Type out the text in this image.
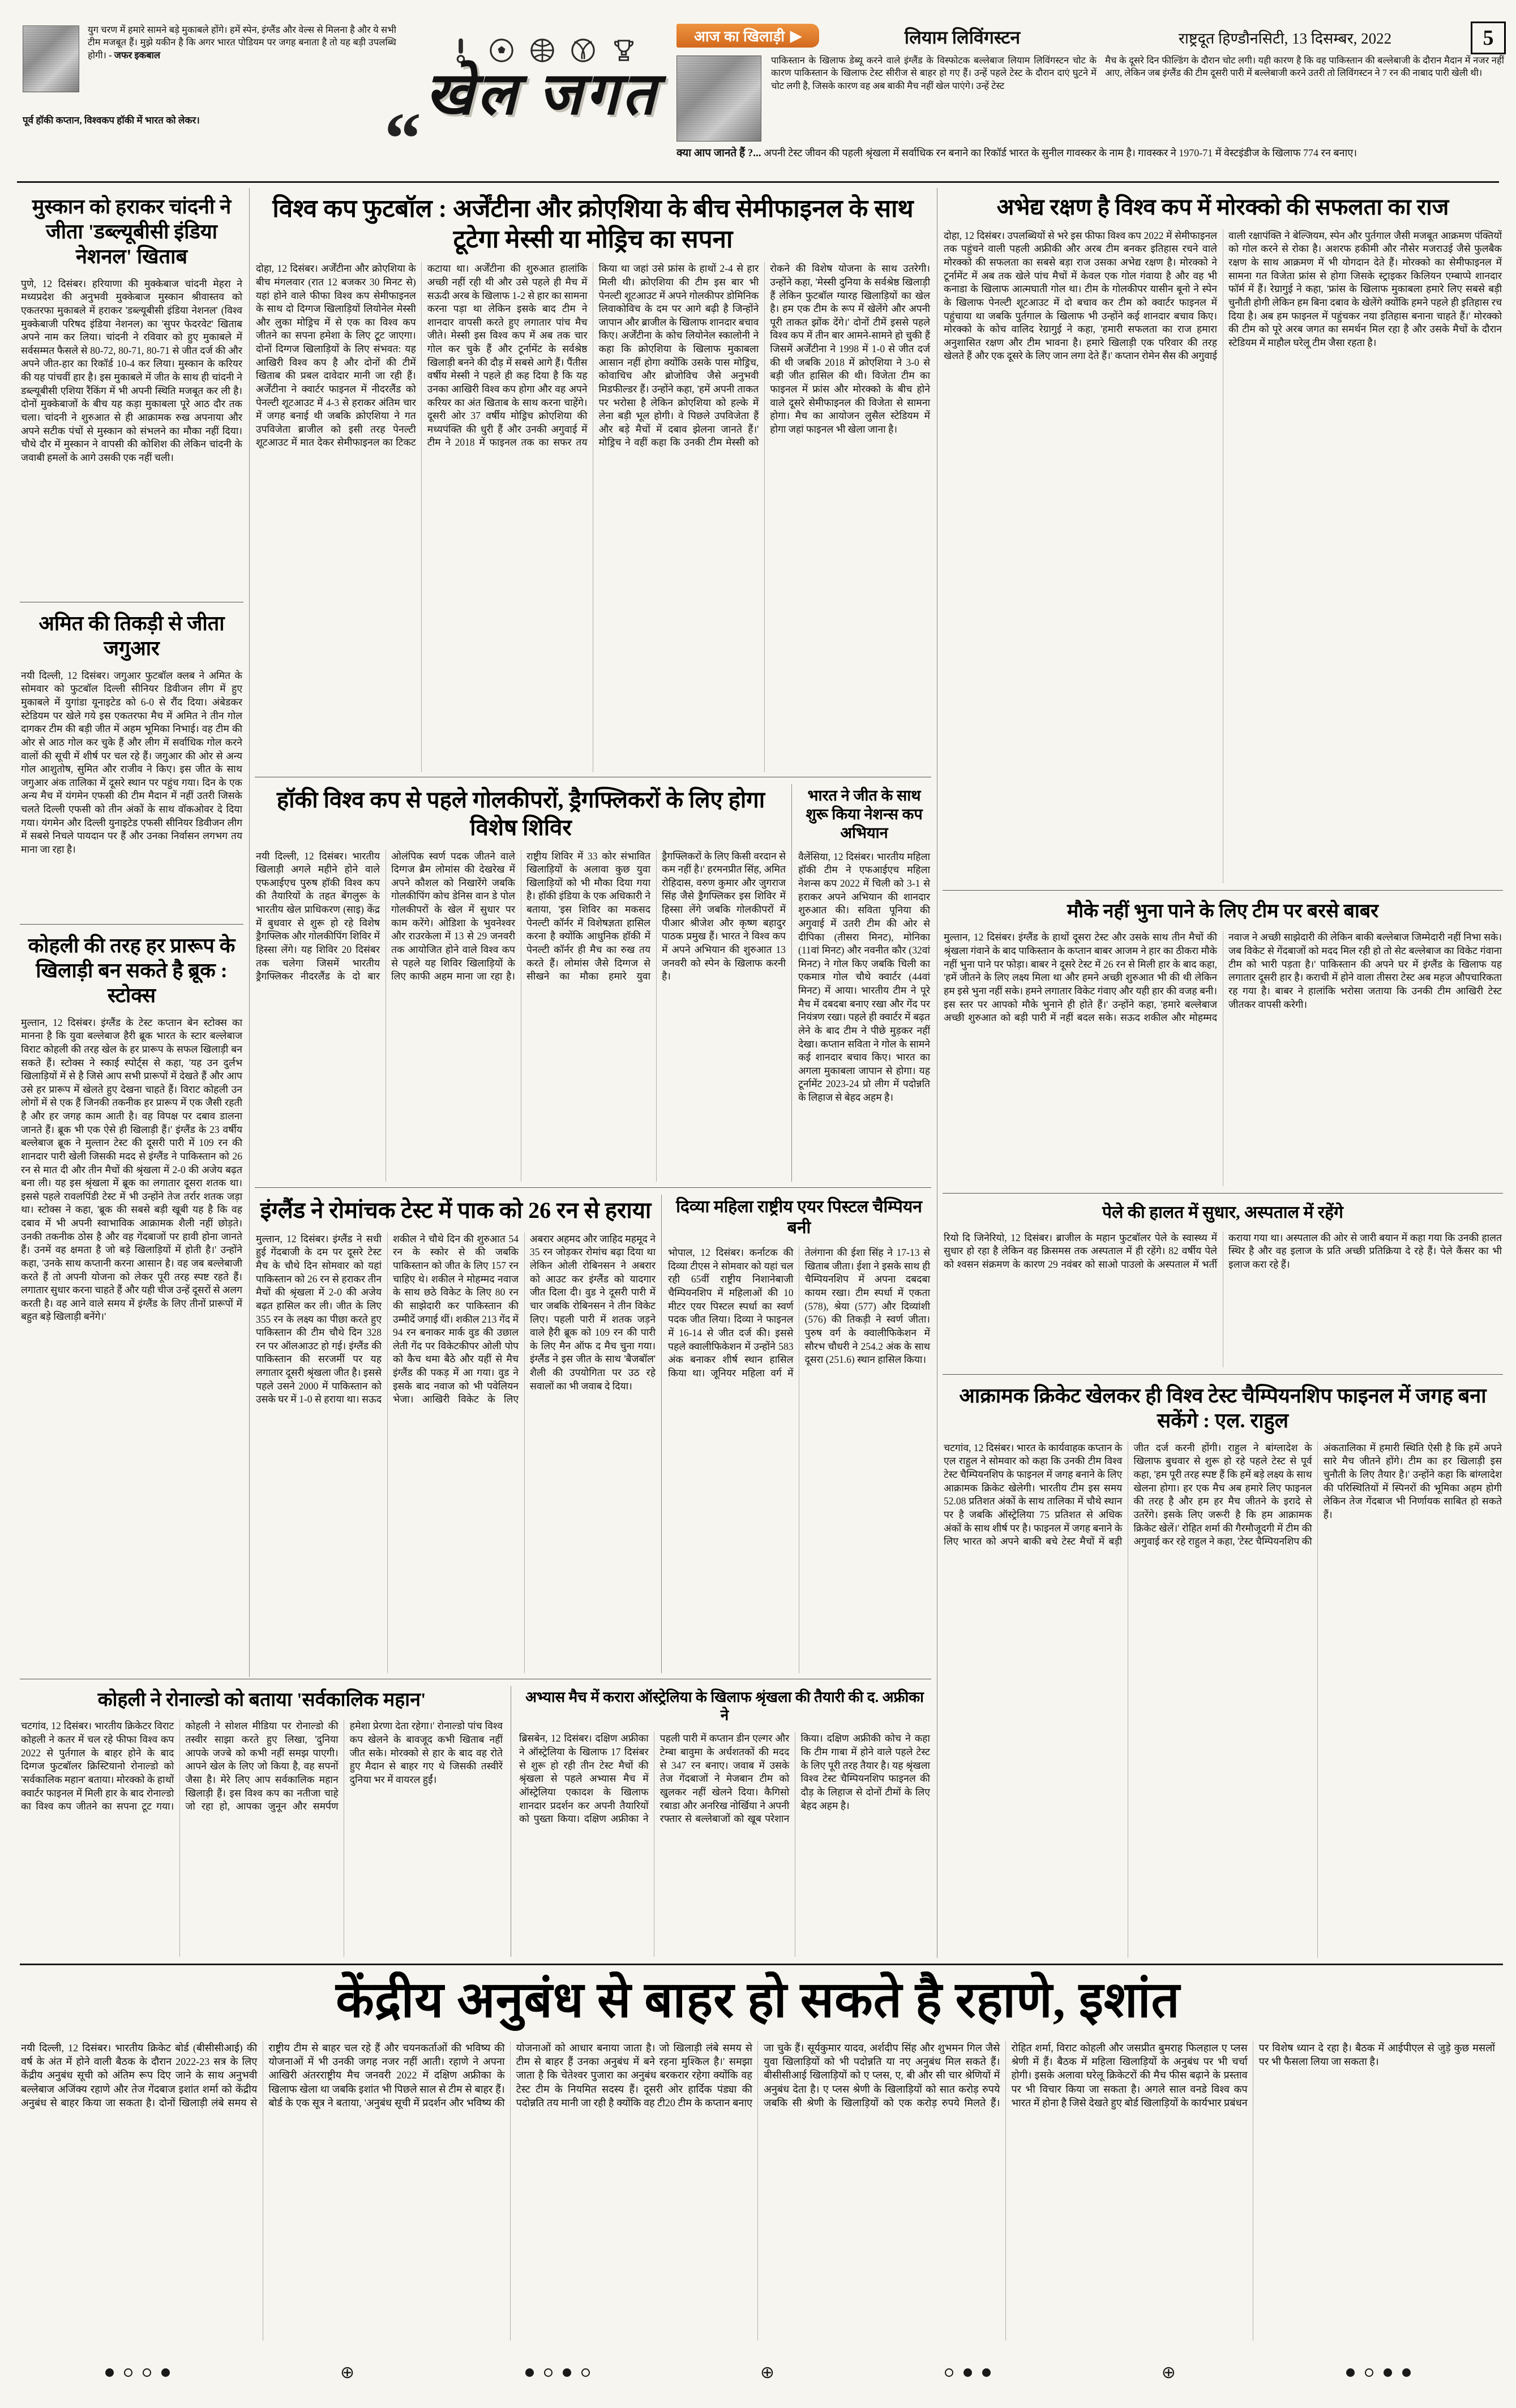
युग चरण में हमारे सामने बड़े मुकाबले होंगे। हमें स्पेन, इंग्लैंड और वेल्स से मिलना है और ये सभी टीम मजबूत हैं। मुझे यकीन है कि अगर भारत पोडियम पर जगह बनाता है तो यह बड़ी उपलब्धि होगी। - जफर इकबाल
पूर्व हॉकी कप्तान, विश्वकप हॉकी में भारत को लेकर।	खेल जगत
“
आज का खिलाड़ी ▶	लियाम लिविंगस्टन	राष्ट्रदूत हिण्डौनसिटी, 13 दिसम्बर, 2022	5
पाकिस्तान के खिलाफ डेब्यू करने वाले इंग्लैंड के विस्फोटक बल्लेबाज लियाम लिविंगस्टन चोट के कारण पाकिस्तान के खिलाफ टेस्ट सीरीज से बाहर हो गए हैं। उन्हें पहले टेस्ट के दौरान दाएं घुटने में चोट लगी है, जिसके कारण वह अब बाकी मैच नहीं खेल पाएंगे। उन्हें टेस्ट
मैच के दूसरे दिन फील्डिंग के दौरान चोट लगी। यही कारण है कि वह पाकिस्तान की बल्लेबाजी के दौरान मैदान में नजर नहीं आए, लेकिन जब इंग्लैंड की टीम दूसरी पारी में बल्लेबाजी करने उतरी तो लिविंगस्टन ने 7 रन की नाबाद पारी खेली थी।
क्या आप जानते हैं ?... अपनी टेस्ट जीवन की पहली श्रृंखला में सर्वाधिक रन बनाने का रिकॉर्ड भारत के सुनील गावस्कर के नाम है। गावस्कर ने 1970-71 में वेस्टइंडीज के खिलाफ 774 रन बनाए।
मुस्कान को हराकर चांदनी ने जीता 'डब्ल्यूबीसी इंडिया नेशनल' खिताब
पुणे, 12 दिसंबर। हरियाणा की मुक्केबाज चांदनी मेहरा ने मध्यप्रदेश की अनुभवी मुक्केबाज मुस्कान श्रीवास्तव को एकतरफा मुकाबले में हराकर 'डब्ल्यूबीसी इंडिया नेशनल' (विश्व मुक्केबाजी परिषद इंडिया नेशनल) का 'सुपर फेदरवेट' खिताब अपने नाम कर लिया। चांदनी ने रविवार को हुए मुकाबले में सर्वसम्मत फैसले से 80-72, 80-71, 80-71 से जीत दर्ज की और अपने जीत-हार का रिकॉर्ड 10-4 कर लिया। मुस्कान के करियर की यह पांचवीं हार है। इस मुकाबले में जीत के साथ ही चांदनी ने डब्ल्यूबीसी एशिया रैंकिंग में भी अपनी स्थिति मजबूत कर ली है। दोनों मुक्केबाजों के बीच यह कड़ा मुकाबला पूरे आठ दौर तक चला। चांदनी ने शुरुआत से ही आक्रामक रुख अपनाया और अपने सटीक पंचों से मुस्कान को संभलने का मौका नहीं दिया। चौथे दौर में मुस्कान ने वापसी की कोशिश की लेकिन चांदनी के जवाबी हमलों के आगे उसकी एक नहीं चली।
अमित की तिकड़ी से जीता जगुआर
नयी दिल्ली, 12 दिसंबर। जगुआर फुटबॉल क्लब ने अमित के सोमवार को फुटबॉल दिल्ली सीनियर डिवीजन लीग में हुए मुकाबले में युगांडा यूनाइटेड को 6-0 से रौंद दिया। अंबेडकर स्टेडियम पर खेले गये इस एकतरफा मैच में अमित ने तीन गोल दागकर टीम की बड़ी जीत में अहम भूमिका निभाई। वह टीम की ओर से आठ गोल कर चुके हैं और लीग में सर्वाधिक गोल करने वालों की सूची में शीर्ष पर चल रहे हैं। जगुआर की ओर से अन्य गोल आशुतोष, सुमित और राजीव ने किए। इस जीत के साथ जगुआर अंक तालिका में दूसरे स्थान पर पहुंच गया। दिन के एक अन्य मैच में यंगमेन एफसी की टीम मैदान में नहीं उतरी जिसके चलते दिल्ली एफसी को तीन अंकों के साथ वॉकओवर दे दिया गया। यंगमेन और दिल्ली युनाइटेड एफसी सीनियर डिवीजन लीग में सबसे निचले पायदान पर हैं और उनका निर्वासन लगभग तय माना जा रहा है।
कोहली की तरह हर प्रारूप के खिलाड़ी बन सकते है ब्रूक : स्टोक्स
मुल्तान, 12 दिसंबर। इंग्लैंड के टेस्ट कप्तान बेन स्टोक्स का मानना है कि युवा बल्लेबाज हैरी ब्रूक भारत के स्टार बल्लेबाज विराट कोहली की तरह खेल के हर प्रारूप के सफल खिलाड़ी बन सकते हैं। स्टोक्स ने स्काई स्पोर्ट्स से कहा, 'यह उन दुर्लभ खिलाड़ियों में से है जिसे आप सभी प्रारूपों में देखते हैं और आप उसे हर प्रारूप में खेलते हुए देखना चाहते हैं। विराट कोहली उन लोगों में से एक हैं जिनकी तकनीक हर प्रारूप में एक जैसी रहती है और हर जगह काम आती है। वह विपक्ष पर दबाव डालना जानते हैं। ब्रूक भी एक ऐसे ही खिलाड़ी हैं।' इंग्लैंड के 23 वर्षीय बल्लेबाज ब्रूक ने मुल्तान टेस्ट की दूसरी पारी में 109 रन की शानदार पारी खेली जिसकी मदद से इंग्लैंड ने पाकिस्तान को 26 रन से मात दी और तीन मैचों की श्रृंखला में 2-0 की अजेय बढ़त बना ली। यह इस श्रृंखला में ब्रूक का लगातार दूसरा शतक था। इससे पहले रावलपिंडी टेस्ट में भी उन्होंने तेज तर्रार शतक जड़ा था। स्टोक्स ने कहा, 'ब्रूक की सबसे बड़ी खूबी यह है कि वह दबाव में भी अपनी स्वाभाविक आक्रामक शैली नहीं छोड़ते। उनकी तकनीक ठोस है और वह गेंदबाजों पर हावी होना जानते हैं। उनमें वह क्षमता है जो बड़े खिलाड़ियों में होती है।' उन्होंने कहा, 'उनके साथ कप्तानी करना आसान है। वह जब बल्लेबाजी करते हैं तो अपनी योजना को लेकर पूरी तरह स्पष्ट रहते हैं। लगातार सुधार करना चाहते हैं और यही चीज उन्हें दूसरों से अलग करती है। वह आने वाले समय में इंग्लैंड के लिए तीनों प्रारूपों में बहुत बड़े खिलाड़ी बनेंगे।'
विश्व कप फुटबॉल : अर्जेंटीना और क्रोएशिया के बीच सेमीफाइनल के साथ टूटेगा मेस्सी या मोड्रिच का सपना
दोहा, 12 दिसंबर। अर्जेंटीना और क्रोएशिया के बीच मंगलवार (रात 12 बजकर 30 मिनट से) यहां होने वाले फीफा विश्व कप सेमीफाइनल के साथ दो दिग्गज खिलाड़ियों लियोनेल मेस्सी और लुका मोड्रिच में से एक का विश्व कप जीतने का सपना हमेशा के लिए टूट जाएगा। दोनों दिग्गज खिलाड़ियों के लिए संभवत: यह आखिरी विश्व कप है और दोनों की टीमें खिताब की प्रबल दावेदार मानी जा रही हैं। अर्जेंटीना ने क्वार्टर फाइनल में नीदरलैंड को पेनल्टी शूटआउट में 4-3 से हराकर अंतिम चार में जगह बनाई थी जबकि क्रोएशिया ने गत उपविजेता ब्राजील को इसी तरह पेनल्टी शूटआउट में मात देकर सेमीफाइनल का टिकट कटाया था। अर्जेंटीना की शुरुआत हालांकि अच्छी नहीं रही थी और उसे पहले ही मैच में सऊदी अरब के खिलाफ 1-2 से हार का सामना करना पड़ा था लेकिन इसके बाद टीम ने शानदार वापसी करते हुए लगातार पांच मैच जीते। मेस्सी इस विश्व कप में अब तक चार गोल कर चुके हैं और टूर्नामेंट के सर्वश्रेष्ठ खिलाड़ी बनने की दौड़ में सबसे आगे हैं। पैंतीस वर्षीय मेस्सी ने पहले ही कह दिया है कि यह उनका आखिरी विश्व कप होगा और वह अपने करियर का अंत खिताब के साथ करना चाहेंगे। दूसरी ओर 37 वर्षीय मोड्रिच क्रोएशिया की मध्यपंक्ति की धुरी हैं और उनकी अगुवाई में टीम ने 2018 में फाइनल तक का सफर तय किया था जहां उसे फ्रांस के हाथों 2-4 से हार मिली थी। क्रोएशिया की टीम इस बार भी पेनल्टी शूटआउट में अपने गोलकीपर डोमिनिक लिवाकोविच के दम पर आगे बढ़ी है जिन्होंने जापान और ब्राजील के खिलाफ शानदार बचाव किए। अर्जेंटीना के कोच लियोनेल स्कालोनी ने कहा कि क्रोएशिया के खिलाफ मुकाबला आसान नहीं होगा क्योंकि उसके पास मोड्रिच, कोवाचिच और ब्रोजोविच जैसे अनुभवी मिडफील्डर हैं। उन्होंने कहा, 'हमें अपनी ताकत पर भरोसा है लेकिन क्रोएशिया को हल्के में लेना बड़ी भूल होगी। वे पिछले उपविजेता हैं और बड़े मैचों में दबाव झेलना जानते हैं।' मोड्रिच ने वहीं कहा कि उनकी टीम मेस्सी को रोकने की विशेष योजना के साथ उतरेगी। उन्होंने कहा, 'मेस्सी दुनिया के सर्वश्रेष्ठ खिलाड़ी हैं लेकिन फुटबॉल ग्यारह खिलाड़ियों का खेल है। हम एक टीम के रूप में खेलेंगे और अपनी पूरी ताकत झोंक देंगे।' दोनों टीमें इससे पहले विश्व कप में तीन बार आमने-सामने हो चुकी हैं जिसमें अर्जेंटीना ने 1998 में 1-0 से जीत दर्ज की थी जबकि 2018 में क्रोएशिया ने 3-0 से बड़ी जीत हासिल की थी। विजेता टीम का फाइनल में फ्रांस और मोरक्को के बीच होने वाले दूसरे सेमीफाइनल की विजेता से सामना होगा। मैच का आयोजन लुसैल स्टेडियम में होगा जहां फाइनल भी खेला जाना है।
हॉकी विश्व कप से पहले गोलकीपरों, ड्रैगफ्लिकरों के लिए होगा विशेष शिविर
नयी दिल्ली, 12 दिसंबर। भारतीय खिलाड़ी अगले महीने होने वाले एफआईएच पुरुष हॉकी विश्व कप की तैयारियों के तहत बेंगलुरू के भारतीय खेल प्राधिकरण (साइ) केंद्र में बुधवार से शुरू हो रहे विशेष ड्रैगफ्लिक और गोलकीपिंग शिविर में हिस्सा लेंगे। यह शिविर 20 दिसंबर तक चलेगा जिसमें भारतीय ड्रैगफ्लिकर नीदरलैंड के दो बार ओलंपिक स्वर्ण पदक जीतने वाले दिग्गज ब्रैम लोमांस की देखरेख में अपने कौशल को निखारेंगे जबकि गोलकीपिंग कोच डेनिस वान डे पोल गोलकीपरों के खेल में सुधार पर काम करेंगे। ओडिशा के भुवनेश्वर और राउरकेला में 13 से 29 जनवरी तक आयोजित होने वाले विश्व कप से पहले यह शिविर खिलाड़ियों के लिए काफी अहम माना जा रहा है। राष्ट्रीय शिविर में 33 कोर संभावित खिलाड़ियों के अलावा कुछ युवा खिलाड़ियों को भी मौका दिया गया है। हॉकी इंडिया के एक अधिकारी ने बताया, 'इस शिविर का मकसद पेनल्टी कॉर्नर में विशेषज्ञता हासिल करना है क्योंकि आधुनिक हॉकी में पेनल्टी कॉर्नर ही मैच का रुख तय करते हैं। लोमांस जैसे दिग्गज से सीखने का मौका हमारे युवा ड्रैगफ्लिकरों के लिए किसी वरदान से कम नहीं है।' हरमनप्रीत सिंह, अमित रोहिदास, वरुण कुमार और जुगराज सिंह जैसे ड्रैगफ्लिकर इस शिविर में हिस्सा लेंगे जबकि गोलकीपरों में पीआर श्रीजेश और कृष्ण बहादुर पाठक प्रमुख हैं। भारत ने विश्व कप में अपने अभियान की शुरुआत 13 जनवरी को स्पेन के खिलाफ करनी है।
भारत ने जीत के साथ शुरू किया नेशन्स कप अभियान
वैलेंसिया, 12 दिसंबर। भारतीय महिला हॉकी टीम ने एफआईएच महिला नेशन्स कप 2022 में चिली को 3-1 से हराकर अपने अभियान की शानदार शुरुआत की। सविता पूनिया की अगुवाई में उतरी टीम की ओर से दीपिका (तीसरा मिनट), मोनिका (11वां मिनट) और नवनीत कौर (32वां मिनट) ने गोल किए जबकि चिली का एकमात्र गोल चौथे क्वार्टर (44वां मिनट) में आया। भारतीय टीम ने पूरे मैच में दबदबा बनाए रखा और गेंद पर नियंत्रण रखा। पहले ही क्वार्टर में बढ़त लेने के बाद टीम ने पीछे मुड़कर नहीं देखा। कप्तान सविता ने गोल के सामने कई शानदार बचाव किए। भारत का अगला मुकाबला जापान से होगा। यह टूर्नामेंट 2023-24 प्रो लीग में पदोन्नति के लिहाज से बेहद अहम है।
इंग्लैंड ने रोमांचक टेस्ट में पाक को 26 रन से हराया
मुल्तान, 12 दिसंबर। इंग्लैंड ने सधी हुई गेंदबाजी के दम पर दूसरे टेस्ट मैच के चौथे दिन सोमवार को यहां पाकिस्तान को 26 रन से हराकर तीन मैचों की श्रृंखला में 2-0 की अजेय बढ़त हासिल कर ली। जीत के लिए 355 रन के लक्ष्य का पीछा करते हुए पाकिस्तान की टीम चौथे दिन 328 रन पर ऑलआउट हो गई। इंग्लैंड की पाकिस्तान की सरजमीं पर यह लगातार दूसरी श्रृंखला जीत है। इससे पहले उसने 2000 में पाकिस्तान को उसके घर में 1-0 से हराया था। सऊद शकील ने चौथे दिन की शुरुआत 54 रन के स्कोर से की जबकि पाकिस्तान को जीत के लिए 157 रन चाहिए थे। शकील ने मोहम्मद नवाज के साथ छठे विकेट के लिए 80 रन की साझेदारी कर पाकिस्तान की उम्मीदें जगाई थीं। शकील 213 गेंद में 94 रन बनाकर मार्क वुड की उछाल लेती गेंद पर विकेटकीपर ओली पोप को कैच थमा बैठे और यहीं से मैच इंग्लैंड की पकड़ में आ गया। वुड ने इसके बाद नवाज को भी पवेलियन भेजा। आखिरी विकेट के लिए अबरार अहमद और जाहिद महमूद ने 35 रन जोड़कर रोमांच बढ़ा दिया था लेकिन ओली रोबिनसन ने अबरार को आउट कर इंग्लैंड को यादगार जीत दिला दी। वुड ने दूसरी पारी में चार जबकि रोबिनसन ने तीन विकेट लिए। पहली पारी में शतक जड़ने वाले हैरी ब्रूक को 109 रन की पारी के लिए मैन ऑफ द मैच चुना गया। इंग्लैंड ने इस जीत के साथ 'बैजबॉल' शैली की उपयोगिता पर उठ रहे सवालों का भी जवाब दे दिया।
दिव्या महिला राष्ट्रीय एयर पिस्टल चैम्पियन बनी
भोपाल, 12 दिसंबर। कर्नाटक की दिव्या टीएस ने सोमवार को यहां चल रही 65वीं राष्ट्रीय निशानेबाजी चैम्पियनशिप में महिलाओं की 10 मीटर एयर पिस्टल स्पर्धा का स्वर्ण पदक जीत लिया। दिव्या ने फाइनल में 16-14 से जीत दर्ज की। इससे पहले क्वालीफिकेशन में उन्होंने 583 अंक बनाकर शीर्ष स्थान हासिल किया था। जूनियर महिला वर्ग में तेलंगाना की ईशा सिंह ने 17-13 से खिताब जीता। ईशा ने इसके साथ ही चैम्पियनशिप में अपना दबदबा कायम रखा। टीम स्पर्धा में एकता (578), श्रेया (577) और दिव्यांशी (576) की तिकड़ी ने स्वर्ण जीता। पुरुष वर्ग के क्वालीफिकेशन में सौरभ चौधरी ने 254.2 अंक के साथ दूसरा (251.6) स्थान हासिल किया।
कोहली ने रोनाल्डो को बताया 'सर्वकालिक महान'
चटगांव, 12 दिसंबर। भारतीय क्रिकेटर विराट कोहली ने कतर में चल रहे फीफा विश्व कप 2022 से पुर्तगाल के बाहर होने के बाद दिग्गज फुटबॉलर क्रिस्टियानो रोनाल्डो को 'सर्वकालिक महान' बताया। मोरक्को के हाथों क्वार्टर फाइनल में मिली हार के बाद रोनाल्डो का विश्व कप जीतने का सपना टूट गया। कोहली ने सोशल मीडिया पर रोनाल्डो की तस्वीर साझा करते हुए लिखा, 'दुनिया आपके जज्बे को कभी नहीं समझ पाएगी। आपने खेल के लिए जो किया है, वह सपनों जैसा है। मेरे लिए आप सर्वकालिक महान खिलाड़ी हैं। इस विश्व कप का नतीजा चाहे जो रहा हो, आपका जुनून और समर्पण हमेशा प्रेरणा देता रहेगा।' रोनाल्डो पांच विश्व कप खेलने के बावजूद कभी खिताब नहीं जीत सके। मोरक्को से हार के बाद वह रोते हुए मैदान से बाहर गए थे जिसकी तस्वीरें दुनिया भर में वायरल हुईं।
अभ्यास मैच में करारा ऑस्ट्रेलिया के खिलाफ श्रृंखला की तैयारी की द. अफ्रीका ने
ब्रिसबेन, 12 दिसंबर। दक्षिण अफ्रीका ने ऑस्ट्रेलिया के खिलाफ 17 दिसंबर से शुरू हो रही तीन टेस्ट मैचों की श्रृंखला से पहले अभ्यास मैच में ऑस्ट्रेलिया एकादश के खिलाफ शानदार प्रदर्शन कर अपनी तैयारियों को पुख्ता किया। दक्षिण अफ्रीका ने पहली पारी में कप्तान डीन एल्गर और टेम्बा बावुमा के अर्धशतकों की मदद से 347 रन बनाए। जवाब में उसके तेज गेंदबाजों ने मेजबान टीम को खुलकर नहीं खेलने दिया। कैगिसो रबाडा और अनरिख नोर्खिया ने अपनी रफ्तार से बल्लेबाजों को खूब परेशान किया। दक्षिण अफ्रीकी कोच ने कहा कि टीम गाबा में होने वाले पहले टेस्ट के लिए पूरी तरह तैयार है। यह श्रृंखला विश्व टेस्ट चैम्पियनशिप फाइनल की दौड़ के लिहाज से दोनों टीमों के लिए बेहद अहम है।
अभेद्य रक्षण है विश्व कप में मोरक्को की सफलता का राज
दोहा, 12 दिसंबर। उपलब्धियों से भरे इस फीफा विश्व कप 2022 में सेमीफाइनल तक पहुंचने वाली पहली अफ्रीकी और अरब टीम बनकर इतिहास रचने वाले मोरक्को की सफलता का सबसे बड़ा राज उसका अभेद्य रक्षण है। मोरक्को ने टूर्नामेंट में अब तक खेले पांच मैचों में केवल एक गोल गंवाया है और वह भी कनाडा के खिलाफ आत्मघाती गोल था। टीम के गोलकीपर यासीन बूनो ने स्पेन के खिलाफ पेनल्टी शूटआउट में दो बचाव कर टीम को क्वार्टर फाइनल में पहुंचाया था जबकि पुर्तगाल के खिलाफ भी उन्होंने कई शानदार बचाव किए। मोरक्को के कोच वालिद रेग्रागुई ने कहा, 'हमारी सफलता का राज हमारा अनुशासित रक्षण और टीम भावना है। हमारे खिलाड़ी एक परिवार की तरह खेलते हैं और एक दूसरे के लिए जान लगा देते हैं।' कप्तान रोमेन सैस की अगुवाई वाली रक्षापंक्ति ने बेल्जियम, स्पेन और पुर्तगाल जैसी मजबूत आक्रमण पंक्तियों को गोल करने से रोका है। अशरफ हकीमी और नौसेर मजराउई जैसे फुलबैक रक्षण के साथ आक्रमण में भी योगदान देते हैं। मोरक्को का सेमीफाइनल में सामना गत विजेता फ्रांस से होगा जिसके स्ट्राइकर किलियन एम्बाप्पे शानदार फॉर्म में हैं। रेग्रागुई ने कहा, 'फ्रांस के खिलाफ मुकाबला हमारे लिए सबसे बड़ी चुनौती होगी लेकिन हम बिना दबाव के खेलेंगे क्योंकि हमने पहले ही इतिहास रच दिया है। अब हम फाइनल में पहुंचकर नया इतिहास बनाना चाहते हैं।' मोरक्को की टीम को पूरे अरब जगत का समर्थन मिल रहा है और उसके मैचों के दौरान स्टेडियम में माहौल घरेलू टीम जैसा रहता है।
मौके नहीं भुना पाने के लिए टीम पर बरसे बाबर
मुल्तान, 12 दिसंबर। इंग्लैंड के हाथों दूसरा टेस्ट और उसके साथ तीन मैचों की श्रृंखला गंवाने के बाद पाकिस्तान के कप्तान बाबर आजम ने हार का ठीकरा मौके नहीं भुना पाने पर फोड़ा। बाबर ने दूसरे टेस्ट में 26 रन से मिली हार के बाद कहा, 'हमें जीतने के लिए लक्ष्य मिला था और हमने अच्छी शुरुआत भी की थी लेकिन हम इसे भुना नहीं सके। हमने लगातार विकेट गंवाए और यही हार की वजह बनी। इस स्तर पर आपको मौके भुनाने ही होते हैं।' उन्होंने कहा, 'हमारे बल्लेबाज अच्छी शुरुआत को बड़ी पारी में नहीं बदल सके। सऊद शकील और मोहम्मद नवाज ने अच्छी साझेदारी की लेकिन बाकी बल्लेबाज जिम्मेदारी नहीं निभा सके। जब विकेट से गेंदबाजों को मदद मिल रही हो तो सेट बल्लेबाज का विकेट गंवाना टीम को भारी पड़ता है।' पाकिस्तान की अपने घर में इंग्लैंड के खिलाफ यह लगातार दूसरी हार है। कराची में होने वाला तीसरा टेस्ट अब महज औपचारिकता रह गया है। बाबर ने हालांकि भरोसा जताया कि उनकी टीम आखिरी टेस्ट जीतकर वापसी करेगी।
पेले की हालत में सुधार, अस्पताल में रहेंगे
रियो दि जिनेरियो, 12 दिसंबर। ब्राजील के महान फुटबॉलर पेले के स्वास्थ्य में सुधार हो रहा है लेकिन वह क्रिसमस तक अस्पताल में ही रहेंगे। 82 वर्षीय पेले को श्वसन संक्रमण के कारण 29 नवंबर को साओ पाउलो के अस्पताल में भर्ती कराया गया था। अस्पताल की ओर से जारी बयान में कहा गया कि उनकी हालत स्थिर है और वह इलाज के प्रति अच्छी प्रतिक्रिया दे रहे हैं। पेले कैंसर का भी इलाज करा रहे हैं।
आक्रामक क्रिकेट खेलकर ही विश्व टेस्ट चैम्पियनशिप फाइनल में जगह बना सकेंगे : एल. राहुल
चटगांव, 12 दिसंबर। भारत के कार्यवाहक कप्तान के एल राहुल ने सोमवार को कहा कि उनकी टीम विश्व टेस्ट चैम्पियनशिप के फाइनल में जगह बनाने के लिए आक्रामक क्रिकेट खेलेगी। भारतीय टीम इस समय 52.08 प्रतिशत अंकों के साथ तालिका में चौथे स्थान पर है जबकि ऑस्ट्रेलिया 75 प्रतिशत से अधिक अंकों के साथ शीर्ष पर है। फाइनल में जगह बनाने के लिए भारत को अपने बाकी बचे टेस्ट मैचों में बड़ी जीत दर्ज करनी होंगी। राहुल ने बांग्लादेश के खिलाफ बुधवार से शुरू हो रहे पहले टेस्ट से पूर्व कहा, 'हम पूरी तरह स्पष्ट हैं कि हमें बड़े लक्ष्य के साथ खेलना होगा। हर एक मैच अब हमारे लिए फाइनल की तरह है और हम हर मैच जीतने के इरादे से उतरेंगे। इसके लिए जरूरी है कि हम आक्रामक क्रिकेट खेलें।' रोहित शर्मा की गैरमौजूदगी में टीम की अगुवाई कर रहे राहुल ने कहा, 'टेस्ट चैम्पियनशिप की अंकतालिका में हमारी स्थिति ऐसी है कि हमें अपने सारे मैच जीतने होंगे। टीम का हर खिलाड़ी इस चुनौती के लिए तैयार है।' उन्होंने कहा कि बांग्लादेश की परिस्थितियों में स्पिनरों की भूमिका अहम होगी लेकिन तेज गेंदबाज भी निर्णायक साबित हो सकते हैं।
केंद्रीय अनुबंध से बाहर हो सकते है रहाणे, इशांत
नयी दिल्ली, 12 दिसंबर। भारतीय क्रिकेट बोर्ड (बीसीसीआई) की वर्ष के अंत में होने वाली बैठक के दौरान 2022-23 सत्र के लिए केंद्रीय अनुबंध सूची को अंतिम रूप दिए जाने के साथ अनुभवी बल्लेबाज अजिंक्य रहाणे और तेज गेंदबाज इशांत शर्मा को केंद्रीय अनुबंध से बाहर किया जा सकता है। दोनों खिलाड़ी लंबे समय से राष्ट्रीय टीम से बाहर चल रहे हैं और चयनकर्ताओं की भविष्य की योजनाओं में भी उनकी जगह नजर नहीं आती। रहाणे ने अपना आखिरी अंतरराष्ट्रीय मैच जनवरी 2022 में दक्षिण अफ्रीका के खिलाफ खेला था जबकि इशांत भी पिछले साल से टीम से बाहर हैं। बोर्ड के एक सूत्र ने बताया, 'अनुबंध सूची में प्रदर्शन और भविष्य की योजनाओं को आधार बनाया जाता है। जो खिलाड़ी लंबे समय से टीम से बाहर हैं उनका अनुबंध में बने रहना मुश्किल है।' समझा जाता है कि चेतेश्वर पुजारा का अनुबंध बरकरार रहेगा क्योंकि वह टेस्ट टीम के नियमित सदस्य हैं। दूसरी ओर हार्दिक पंड्या की पदोन्नति तय मानी जा रही है क्योंकि वह टी20 टीम के कप्तान बनाए जा चुके हैं। सूर्यकुमार यादव, अर्शदीप सिंह और शुभमन गिल जैसे युवा खिलाड़ियों को भी पदोन्नति या नए अनुबंध मिल सकते हैं। बीसीसीआई खिलाड़ियों को ए प्लस, ए, बी और सी चार श्रेणियों में अनुबंध देता है। ए प्लस श्रेणी के खिलाड़ियों को सात करोड़ रुपये जबकि सी श्रेणी के खिलाड़ियों को एक करोड़ रुपये मिलते हैं। रोहित शर्मा, विराट कोहली और जसप्रीत बुमराह फिलहाल ए प्लस श्रेणी में हैं। बैठक में महिला खिलाड़ियों के अनुबंध पर भी चर्चा होगी। इसके अलावा घरेलू क्रिकेटरों की मैच फीस बढ़ाने के प्रस्ताव पर भी विचार किया जा सकता है। अगले साल वनडे विश्व कप भारत में होना है जिसे देखते हुए बोर्ड खिलाड़ियों के कार्यभार प्रबंधन पर विशेष ध्यान दे रहा है। बैठक में आईपीएल से जुड़े कुछ मसलों पर भी फैसला लिया जा सकता है।
⊕	⊕	⊕
